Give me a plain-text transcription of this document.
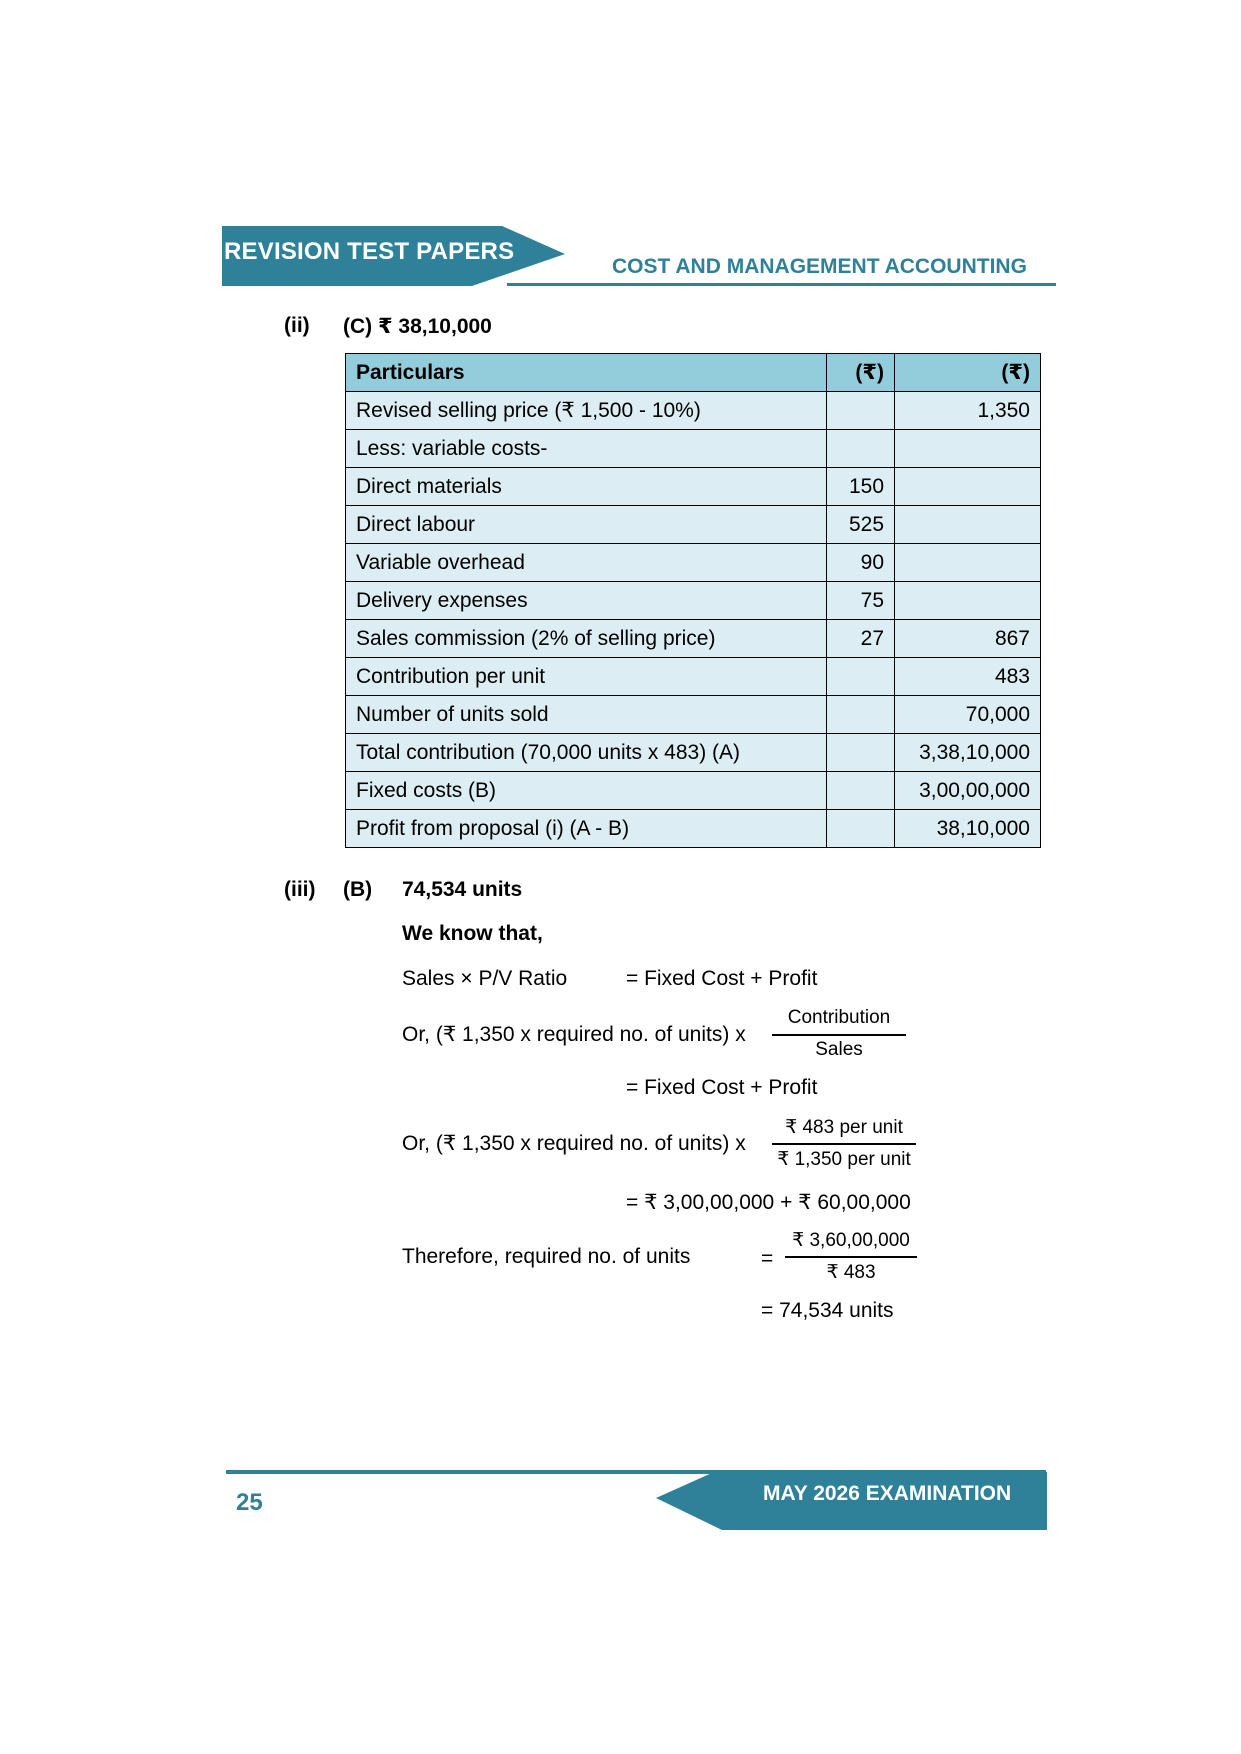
REVISION TEST PAPERS
COST AND MANAGEMENT ACCOUNTING
(ii) (C) ₹ 38,10,000
Particulars	(₹)	(₹)
Revised selling price (₹ 1,500 - 10%)		1,350
Less: variable costs-		
Direct materials	150	
Direct labour	525	
Variable overhead	90	
Delivery expenses	75	
Sales commission (2% of selling price)	27	867
Contribution per unit		483
Number of units sold		70,000
Total contribution (70,000 units x 483) (A)		3,38,10,000
Fixed costs (B)		3,00,00,000
Profit from proposal (i) (A - B)		38,10,000
(iii) (B) 74,534 units
We know that,
Sales × P/V Ratio	= Fixed Cost + Profit
Or, (₹ 1,350 x required no. of units) x
Contribution
Sales
= Fixed Cost + Profit
Or, (₹ 1,350 x required no. of units) x
₹ 483 per unit
₹ 1,350 per unit
= ₹ 3,00,00,000 + ₹ 60,00,000
Therefore, required no. of units	=
₹ 3,60,00,000
₹ 483
= 74,534 units
25	MAY 2026 EXAMINATION
